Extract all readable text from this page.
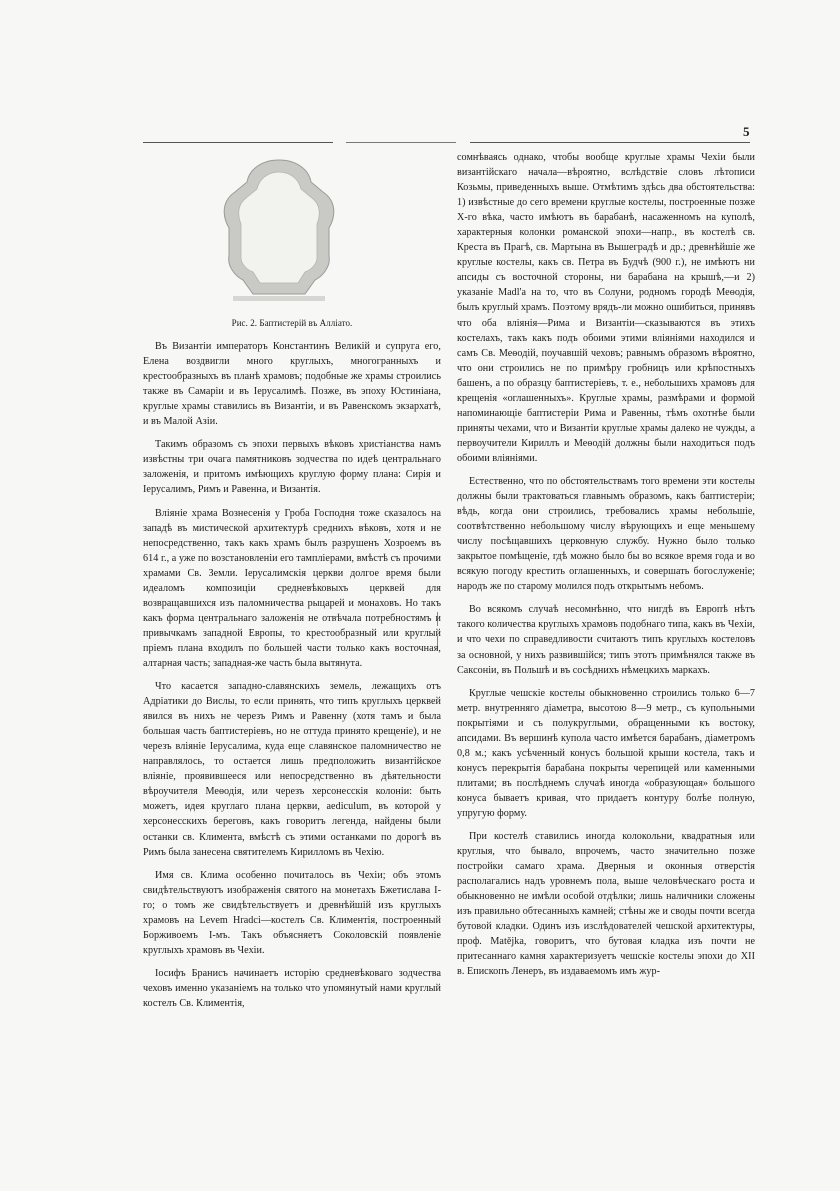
5

Рис. 2. Баптистерій въ Алліато.

Въ Византіи императоръ Константинъ Великій и супруга его, Елена воздвигли много круглыхъ, многогранныхъ и крестообразныхъ въ планѣ храмовъ; подобные же храмы строились также въ Самаріи и въ Іерусалимѣ. Позже, въ эпоху Юстиніана, круглые храмы ставились въ Византіи, и въ Равенскомъ экзархатѣ, и въ Малой Азіи.

Такимъ образомъ съ эпохи первыхъ вѣковъ христіанства намъ извѣстны три очага памятниковъ зодчества по идеѣ центральнаго заложенія, и притомъ имѣющихъ круглую форму плана: Сирія и Іерусалимъ, Римъ и Равенна, и Византія.

Вліяніе храма Вознесенія у Гроба Господня тоже сказалось на западѣ въ мистической архитектурѣ среднихъ вѣковъ, хотя и не непосредственно, такъ какъ храмъ былъ разрушенъ Хозроемъ въ 614 г., а уже по возстановленіи его тампліерами, вмѣстѣ съ прочими храмами Св. Земли. Іерусалимскія церкви долгое время были идеаломъ композиціи средневѣковыхъ церквей для возвращавшихся изъ паломничества рыцарей и монаховъ. Но такъ какъ форма центральнаго заложенія не отвѣчала потребностямъ и привычкамъ западной Европы, то крестообразный или круглый пріемъ плана входилъ по большей части только какъ восточная, алтарная часть; западная-же часть была вытянута.

Что касается западно-славянскихъ земель, лежащихъ отъ Адріатики до Вислы, то если принять, что типъ круглыхъ церквей явился въ нихъ не черезъ Римъ и Равенну (хотя тамъ и была большая часть баптистеріевъ, но не оттуда принято крещеніе), и не черезъ вліяніе Іерусалима, куда еще славянское паломничество не направлялось, то остается лишь предположить византійское вліяніе, проявившееся или непосредственно въ дѣятельности вѣроучителя Меѳодія, или черезъ херсонесскія колоніи: быть можетъ, идея круглаго плана церкви, aediculum, въ которой у херсонесскихъ береговъ, какъ говоритъ легенда, найдены были останки св. Климента, вмѣстѣ съ этими останками по дорогѣ въ Римъ была занесена святителемъ Кирилломъ въ Чехію.

Имя св. Клима особенно почиталось въ Чехіи; объ этомъ свидѣтельствуютъ изображенія святого на монетахъ Бжетислава I-го; о томъ же свидѣтельствуетъ и древнѣйшій изъ круглыхъ храмовъ на Levem Hradci—костелъ Св. Климентія, построенный Борживоемъ I-мъ. Такъ объясняетъ Соколовскій появленіе круглыхъ храмовъ въ Чехіи.

Іосифъ Браниcъ начинаетъ исторію средневѣковаго зодчества чеховъ именно указаніемъ на только что упомянутый нами круглый костелъ Св. Климентія,

сомнѣваясь однако, чтобы вообще круглые храмы Чехіи были византійскаго начала—вѣроятно, вслѣдствіе словъ лѣтописи Козьмы, приведенныхъ выше. Отмѣтимъ здѣсь два обстоятельства: 1) извѣстные до сего времени круглые костелы, построенные позже X-го вѣка, часто имѣютъ въ барабанѣ, насаженномъ на куполѣ, характерныя колонки романской эпохи—напр., въ костелѣ св. Креста въ Прагѣ, св. Мартына въ Вышеградѣ и др.; древнѣйшіе же круглые костелы, какъ св. Петра въ Будчѣ (900 г.), не имѣютъ ни апсиды съ восточной стороны, ни барабана на крышѣ,—и 2) указаніе Madl'a на то, что въ Солуни, родномъ городѣ Меѳодія, былъ круглый храмъ. Поэтому врядъ-ли можно ошибиться, принявъ что оба вліянія—Рима и Византіи—сказываются въ этихъ костелахъ, такъ какъ подъ обоими этими вліяніями находился и самъ Св. Меѳодій, поучавшій чеховъ; равнымъ образомъ вѣроятно, что они строились не по примѣру гробницъ или крѣпостныхъ башенъ, а по образцу баптистеріевъ, т. е., небольшихъ храмовъ для крещенія «оглашенныхъ». Круглые храмы, размѣрами и формой напоминающіе баптистеріи Рима и Равенны, тѣмъ охотнѣе были приняты чехами, что и Византіи круглые храмы далеко не чужды, а первоучители Кириллъ и Меѳодій должны были находиться подъ обоими вліяніями.

Естественно, что по обстоятельствамъ того времени эти костелы должны были трактоваться главнымъ образомъ, какъ баптистеріи; вѣдь, когда они строились, требовались храмы небольшіе, соотвѣтственно небольшому числу вѣрующихъ и еще меньшему числу посѣщавшихъ церковную службу. Нужно было только закрытое помѣщеніе, гдѣ можно было бы во всякое время года и во всякую погоду крестить оглашенныхъ, и совершать богослуженіе; народъ же по старому молился подъ открытымъ небомъ.

Во всякомъ случаѣ несомнѣнно, что нигдѣ въ Европѣ нѣтъ такого количества круглыхъ храмовъ подобнаго типа, какъ въ Чехіи, и что чехи по справедливости считаютъ типъ круглыхъ костеловъ за основной, у нихъ развившійся; типъ этотъ примѣнялся также въ Саксоніи, въ Польшѣ и въ сосѣднихъ нѣмецкихъ маркахъ.

Круглые чешскіе костелы обыкновенно строились только 6—7 метр. внутренняго діаметра, высотою 8—9 метр., съ купольными покрытіями и съ полукруглыми, обращенными къ востоку, апсидами. Въ вершинѣ купола часто имѣется барабанъ, діаметромъ 0,8 м.; какъ усѣченный конусъ большой крыши костела, такъ и конусъ перекрытія барабана покрыты черепицей или каменными плитами; въ послѣднемъ случаѣ иногда «образующая» большого конуса бываетъ кривая, что придаетъ контуру болѣе полную, упругую форму.

При костелѣ ставились иногда колокольни, квадратныя или круглыя, что бывало, впрочемъ, часто значительно позже постройки самаго храма. Дверныя и оконныя отверстія располагались надъ уровнемъ пола, выше человѣческаго роста и обыкновенно не имѣли особой отдѣлки; лишь наличники сложены изъ правильно обтесанныхъ камней; стѣны же и своды почти всегда бутовой кладки. Одинъ изъ изслѣдователей чешской архитектуры, проф. Matějka, говоритъ, что бутовая кладка изъ почти не притесаннаго камня характеризуетъ чешскіе костелы эпохи до XII в. Епископъ Ленеръ, въ издаваемомъ имъ жур-
